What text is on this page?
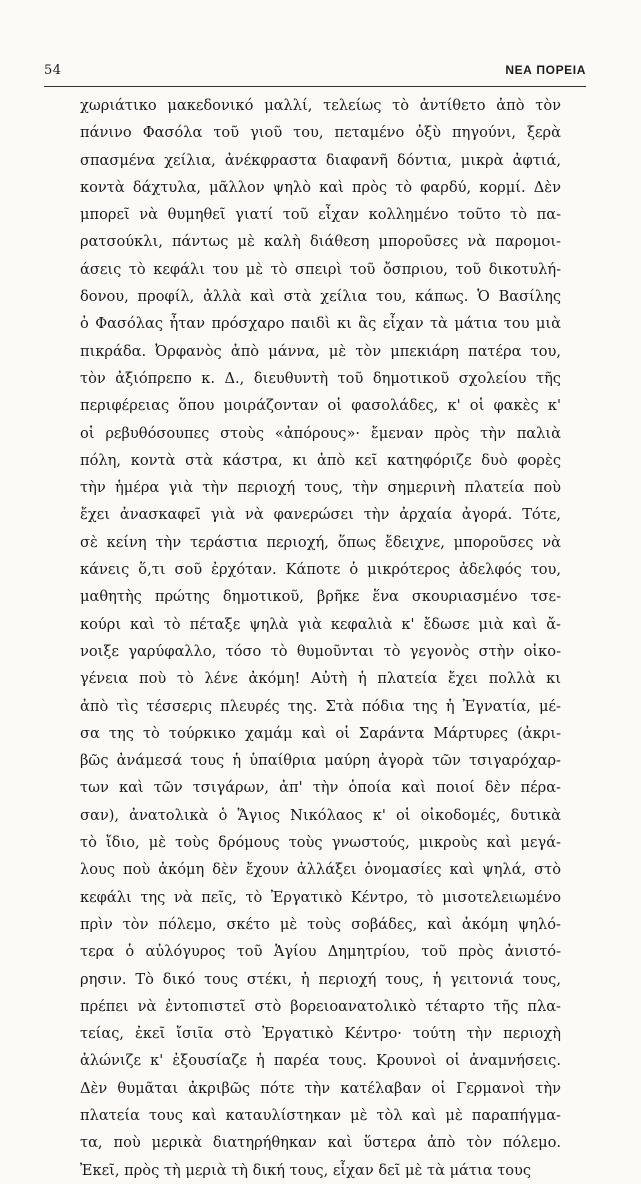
54	ΝΕΑ ΠΟΡΕΙΑ
χωριάτικο μακεδονικό μαλλί, τελείως τὸ ἀντίθετο ἀπὸ τὸν
πάνινο Φασόλα τοῦ γιοῦ του, πεταμένο ὀξὺ πηγούνι, ξερὰ
σπασμένα χείλια, ἀνέκφραστα διαφανῆ δόντια, μικρὰ ἀφτιά,
κοντὰ δάχτυλα, μᾶλλον ψηλὸ καὶ πρὸς τὸ φαρδύ, κορμί. Δὲν
μπορεῖ νὰ θυμηθεῖ γιατί τοῦ εἶχαν κολλημένο τοῦτο τὸ πα-
ρατσούκλι, πάντως μὲ καλὴ διάθεση μποροῦσες νὰ παρομοι-
άσεις τὸ κεφάλι του μὲ τὸ σπειρὶ τοῦ ὄσπριου, τοῦ δικοτυλή-
δονου, προφίλ, ἀλλὰ καὶ στὰ χείλια του, κάπως. Ὁ Βασίλης
ὁ Φασόλας ἦταν πρόσχαρο παιδὶ κι ἂς εἶχαν τὰ μάτια του μιὰ
πικράδα. Ὀρφανὸς ἀπὸ μάννα, μὲ τὸν μπεκιάρη πατέρα του,
τὸν ἀξιόπρεπο κ. Δ., διευθυντὴ τοῦ δημοτικοῦ σχολείου τῆς
περιφέρειας ὅπου μοιράζονταν οἱ φασολάδες, κ' οἱ φακὲς κ'
οἱ ρεβυθόσουπες στοὺς «ἀπόρους»· ἔμεναν πρὸς τὴν παλιὰ
πόλη, κοντὰ στὰ κάστρα, κι ἀπὸ κεῖ κατηφόριζε δυὸ φορὲς
τὴν ἡμέρα γιὰ τὴν περιοχή τους, τὴν σημερινὴ πλατεία ποὺ
ἔχει ἀνασκαφεῖ γιὰ νὰ φανερώσει τὴν ἀρχαία ἀγορά. Τότε,
σὲ κείνη τὴν τεράστια περιοχή, ὅπως ἔδειχνε, μποροῦσες νὰ
κάνεις ὅ,τι σοῦ ἐρχόταν. Κάποτε ὁ μικρότερος ἀδελφός του,
μαθητὴς πρώτης δημοτικοῦ, βρῆκε ἕνα σκουριασμένο τσε-
κούρι καὶ τὸ πέταξε ψηλὰ γιὰ κεφαλιὰ κ' ἔδωσε μιὰ καὶ ἄ-
νοιξε γαρύφαλλο, τόσο τὸ θυμοῦνται τὸ γεγονὸς στὴν οἰκο-
γένεια ποὺ τὸ λένε ἀκόμη! Αὐτὴ ἡ πλατεία ἔχει πολλὰ κι
ἀπὸ τὶς τέσσερις πλευρές της. Στὰ πόδια της ἡ Ἐγνατία, μέ-
σα της τὸ τούρκικο χαμάμ καὶ οἱ Σαράντα Μάρτυρες (ἀκρι-
βῶς ἀνάμεσά τους ἡ ὑπαίθρια μαύρη ἀγορὰ τῶν τσιγαρόχαρ-
των καὶ τῶν τσιγάρων, ἀπ' τὴν ὁποία καὶ ποιοί δὲν πέρα-
σαν), ἀνατολικὰ ὁ Ἅγιος Νικόλαος κ' οἱ οἰκοδομές, δυτικὰ
τὸ ἴδιο, μὲ τοὺς δρόμους τοὺς γνωστούς, μικροὺς καὶ μεγά-
λους ποὺ ἀκόμη δὲν ἔχουν ἀλλάξει ὀνομασίες καὶ ψηλά, στὸ
κεφάλι της νὰ πεῖς, τὸ Ἐργατικὸ Κέντρο, τὸ μισοτελειωμένο
πρὶν τὸν πόλεμο, σκέτο μὲ τοὺς σοβάδες, καὶ ἀκόμη ψηλό-
τερα ὁ αὐλόγυρος τοῦ Ἁγίου Δημητρίου, τοῦ πρὸς ἀνιστό-
ρησιν. Τὸ δικό τους στέκι, ἡ περιοχή τους, ἡ γειτονιά τους,
πρέπει νὰ ἐντοπιστεῖ στὸ βορειοανατολικὸ τέταρτο τῆς πλα-
τείας, ἐκεῖ ἴσιῖα στὸ Ἐργατικὸ Κέντρο· τούτη τὴν περιοχὴ
ἀλώνιζε κ' ἐξουσίαζε ἡ παρέα τους. Κρουνοὶ οἱ ἀναμνήσεις.
Δὲν θυμᾶται ἀκριβῶς πότε τὴν κατέλαβαν οἱ Γερμανοὶ τὴν
πλατεία τους καὶ καταυλίστηκαν μὲ τὸλ καὶ μὲ παραπήγμα-
τα, ποὺ μερικὰ διατηρήθηκαν καὶ ὕστερα ἀπὸ τὸν πόλεμο.
Ἐκεῖ, πρὸς τὴ μεριὰ τὴ δική τους, εἶχαν δεῖ μὲ τὰ μάτια τους
